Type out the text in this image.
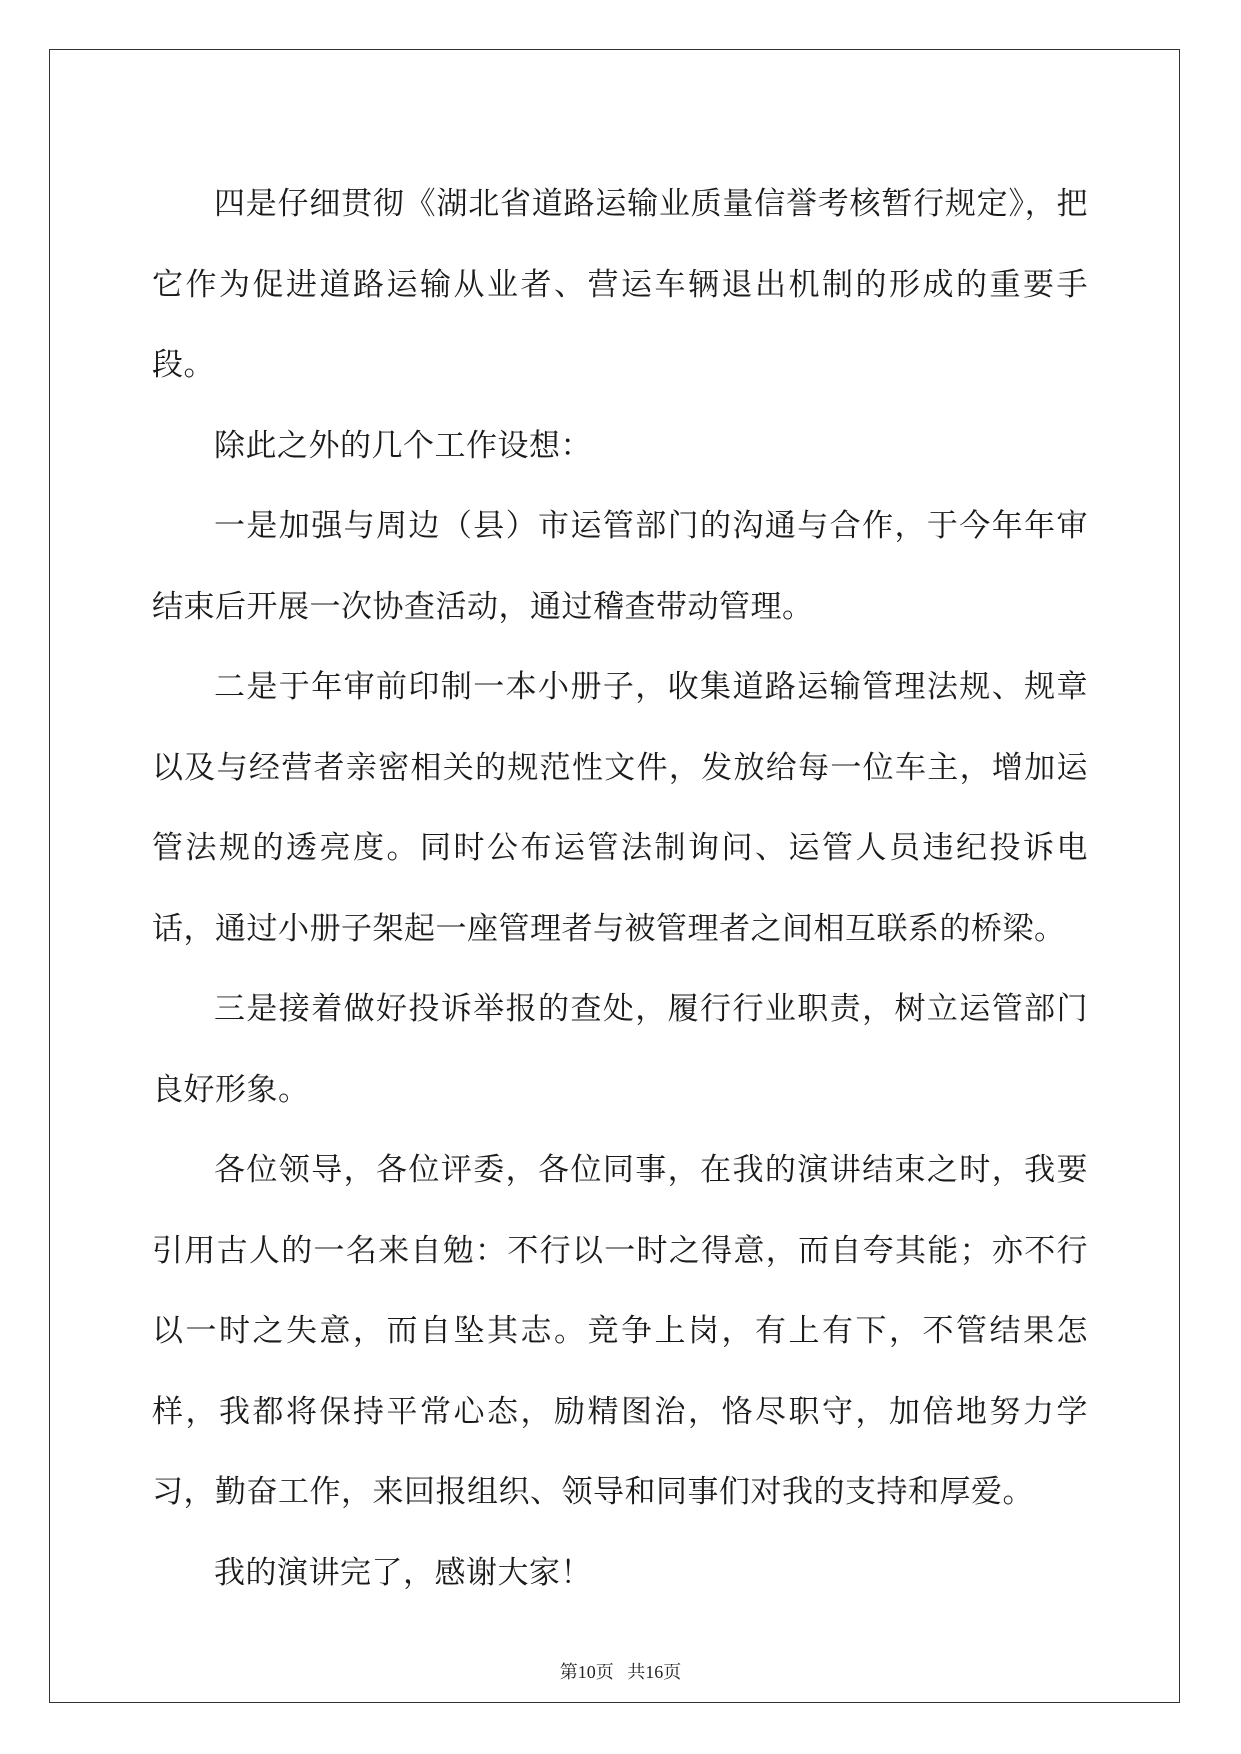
四是仔细贯彻《湖北省道路运输业质量信誉考核暂行规定》，把它作为促进道路运输从业者、营运车辆退出机制的形成的重要手段。

除此之外的几个工作设想：

一是加强与周边（县）市运管部门的沟通与合作，于今年年审结束后开展一次协查活动，通过稽查带动管理。

二是于年审前印制一本小册子，收集道路运输管理法规、规章以及与经营者亲密相关的规范性文件，发放给每一位车主，增加运管法规的透亮度。同时公布运管法制询问、运管人员违纪投诉电话，通过小册子架起一座管理者与被管理者之间相互联系的桥梁。

三是接着做好投诉举报的查处，履行行业职责，树立运管部门良好形象。

各位领导，各位评委，各位同事，在我的演讲结束之时，我要引用古人的一名来自勉：不行以一时之得意，而自夸其能；亦不行以一时之失意，而自坠其志。竞争上岗，有上有下，不管结果怎样，我都将保持平常心态，励精图治，恪尽职守，加倍地努力学习，勤奋工作，来回报组织、领导和同事们对我的支持和厚爱。

我的演讲完了，感谢大家！

第10页   共16页
